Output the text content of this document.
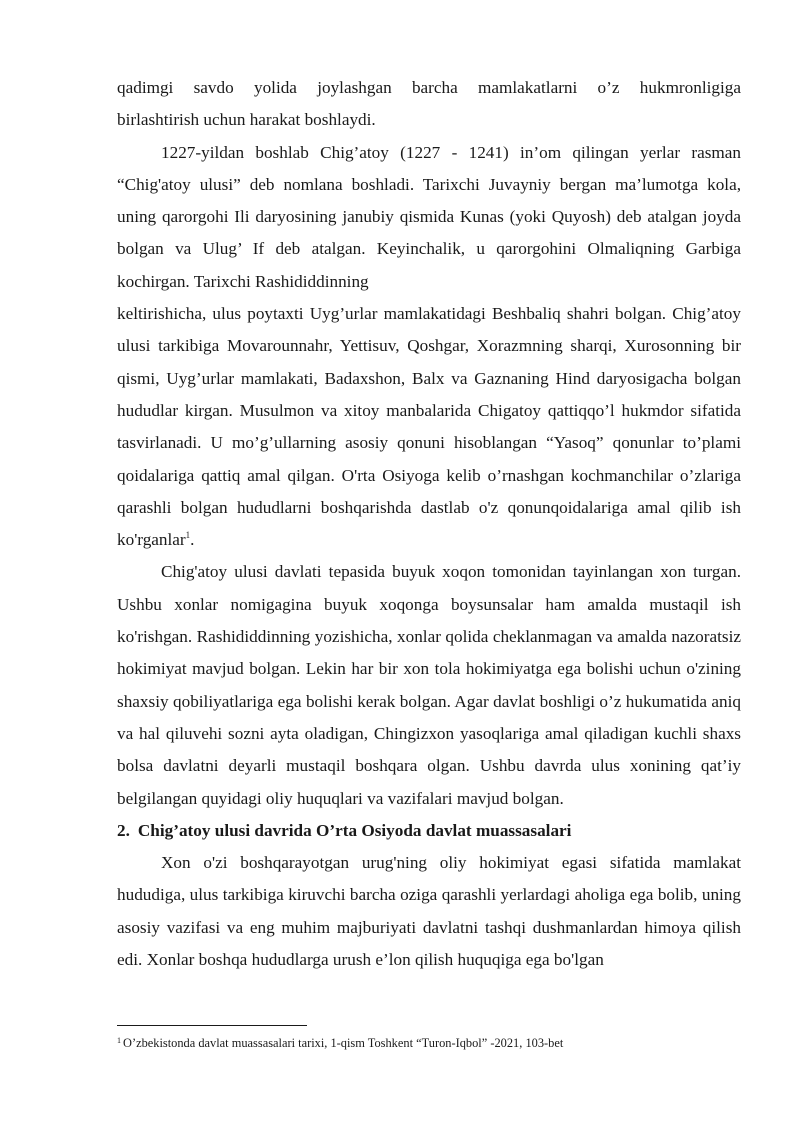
qadimgi savdo yolida joylashgan barcha mamlakatlarni o’z hukmronligiga
birlashtirish uchun harakat boshlaydi.

1227-yildan boshlab Chig’atoy (1227 - 1241) in’om qilingan yerlar rasman “Chig'atoy ulusi” deb nomlana boshladi. Tarixchi Juvayniy bergan ma’lumotga kola, uning qarorgohi Ili daryosining janubiy qismida Kunas (yoki Quyosh) deb atalgan joyda bolgan va Ulug’ If deb atalgan. Keyinchalik, u qarorgohini Olmaliqning Garbiga kochirgan. Tarixchi Rashididdinning

keltirishicha, ulus poytaxti Uyg’urlar mamlakatidagi Beshbaliq shahri bolgan. Chig’atoy ulusi tarkibiga Movarounnahr, Yettisuv, Qoshgar, Xorazmning sharqi, Xurosonning bir qismi, Uyg’urlar mamlakati, Badaxshon, Balx va Gaznaning Hind daryosigacha bolgan hududlar kirgan. Musulmon va xitoy manbalarida Chigatoy qattiqqo’l hukmdor sifatida tasvirlanadi. U mo’g’ullarning asosiy qonuni hisoblangan “Yasoq” qonunlar to’plami qoidalariga qattiq amal qilgan. O'rta Osiyoga kelib o’rnashgan kochmanchilar o’zlariga qarashli bolgan hududlarni boshqarishda dastlab o'z qonunqoidalariga amal qilib ish ko'rganlar$^1$.

Chig'atoy ulusi davlati tepasida buyuk xoqon tomonidan tayinlangan xon turgan. Ushbu xonlar nomigagina buyuk xoqonga boysunsalar ham amalda mustaqil ish ko'rishgan. Rashididdinning yozishicha, xonlar qolida cheklanmagan va amalda nazoratsiz hokimiyat mavjud bolgan. Lekin har bir xon tola hokimiyatga ega bolishi uchun o'zining shaxsiy qobiliyatlariga ega bolishi kerak bolgan. Agar davlat boshligi o’z hukumatida aniq va hal qiluvehi sozni ayta oladigan, Chingizxon yasoqlariga amal qiladigan kuchli shaxs bolsa davlatni deyarli mustaqil boshqara olgan. Ushbu davrda ulus xonining qat’iy belgilangan quyidagi oliy huquqlari va vazifalari mavjud bolgan.

2. Chig’atoy ulusi davrida O’rta Osiyoda davlat muassasalari

Xon o'zi boshqarayotgan urug'ning oliy hokimiyat egasi sifatida mamlakat hududiga, ulus tarkibiga kiruvchi barcha oziga qarashli yerlardagi aholiga ega bolib, uning asosiy vazifasi va eng muhim majburiyati davlatni tashqi dushmanlardan himoya qilish edi. Xonlar boshqa hududlarga urush e’lon qilish huquqiga ega bo'lgan

$^1$ O’zbekistonda davlat muassasalari tarixi, 1-qism Toshkent “Turon-Iqbol” -2021, 103-bet
